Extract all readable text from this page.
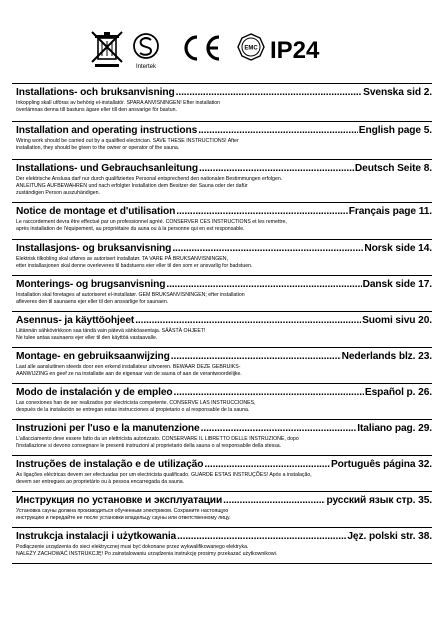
Intertek
EMC IP24
Installations- och bruksanvisning .....	Svenska sid 2.
Inkoppling skall utföras av behörig el-installatör. SPARA ANVISNINGEN! Efter installation
överlämnas denna till bastuns ägare eller till den ansvarige för bastun.
Installation and operating instructions .....	English page 5.
Wiring work should be carried out by a qualified electrician. SAVE THESE INSTRUCTIONS! After
installation, they should be given to the owner or operator of the sauna.
Installations- und Gebrauchsanleitung .....	Deutsch Seite 8.
Der elektrische Anslusa darf nur durch qualifiziertes Personal entsprechend den nationalen Bestimmungen erfolgen.
ANLEITUNG AUFBEWAHREN und nach erfolgter Installation dem Besitzer der Sauna oder der dafür
zuständigen Person auszuhändigen.
Notice de montage et d'utilisation .....	Français page 11.
Le raccordement devra être effectué par un professionnel agréé. CONSERVER CES INSTRUCTIONS et les remettre,
après installation de l'équipement, au propriétaire du auna ou à la personne qui en est responsable.
Installasjons- og bruksanvisning .....	Norsk side 14.
Elektrisk tilkobling skal utføres av autorisert installatør. TA VARE PÅ BRUKSANVISNINGEN,
etter installasjonen skal denne overleveres til badstuens eier eller til den som er ansvarlig for badstuen.
Monterings- og brugsanvisning .....	Dansk side 17.
Installation skal foretages af autoriseret el-installatør. GEM BRUKSANVISNINGEN; efter installation
afleveres den til saunaens ejer eller til den ansvarlige for saunaen.
Asennus- ja käyttöohjeet .....	Suomi sivu 20.
Liitännän sähkövirkkoon saa tändä vain pätevä sähköasentaja. SÄÄSTÄ OHJEET!
Ne tulee antaa saunaens ejer eller til den käyttöä vastaavalle.
Montage- en gebruiksaanwijzing .....	Nederlands blz. 23.
Laat alle aansluitinen steeds door een erkend installateur uitvoeren. BEWAAR DEZE GEBRUIKS-
AANWIJZING en geef ze na installatie aan de eigenaar van de sauna of aan de verantwoordelijke.
Modo de instalación y de empleo .....	Español p. 26.
Las conexiones han de ser realizados por electricista competente. CONSERVE LAS INSTRUCCIONES,
después de la instalación se entregan estas instrucciones al propietario o al responsable de la sauna.
Instruzioni per l'uso e la manutenzione .....	Italiano pag. 29.
L'allacciamento deve essere fatto da un elettricista autorizzato. CONSERVARE IL LIBRETTO DELLE INSTRUZIONE, dopo
l'installazione si devono consegnare le presenti instruzioni al proprietario della sauna o al responsabile della stessa.
Instruções de instalação e de utilização .....	Português página 32.
As ligações eléctricas devem ser efectuadas por um electricista qualificado. GUARDE ESTAS INSTRUÇÕES! Após a instalação,
devem ser entregues ao proprietário ou à pessoa encarregada da sauna.
Инструкция по установке и эксплуатации .....	русский язык стр. 35.
Установка сауны должна производиться обученным электриком. Сохраните настоящую
инструкцию и передайте ее после установки владельцу сауны или ответственному лицу.
Instrukcja instalacji i użytkowania .....	Jęz. polski str. 38.
Podłączenie urządzenia do sieci elektrycznej musi być dokonane przez wykwalifikowanego elektryka.
NALEŻY ZACHOWAĆ INSTRUKCJĘ! Po zainstalowaniu urządzenia instrukcję prosimy przekazać użytkownikowi.
